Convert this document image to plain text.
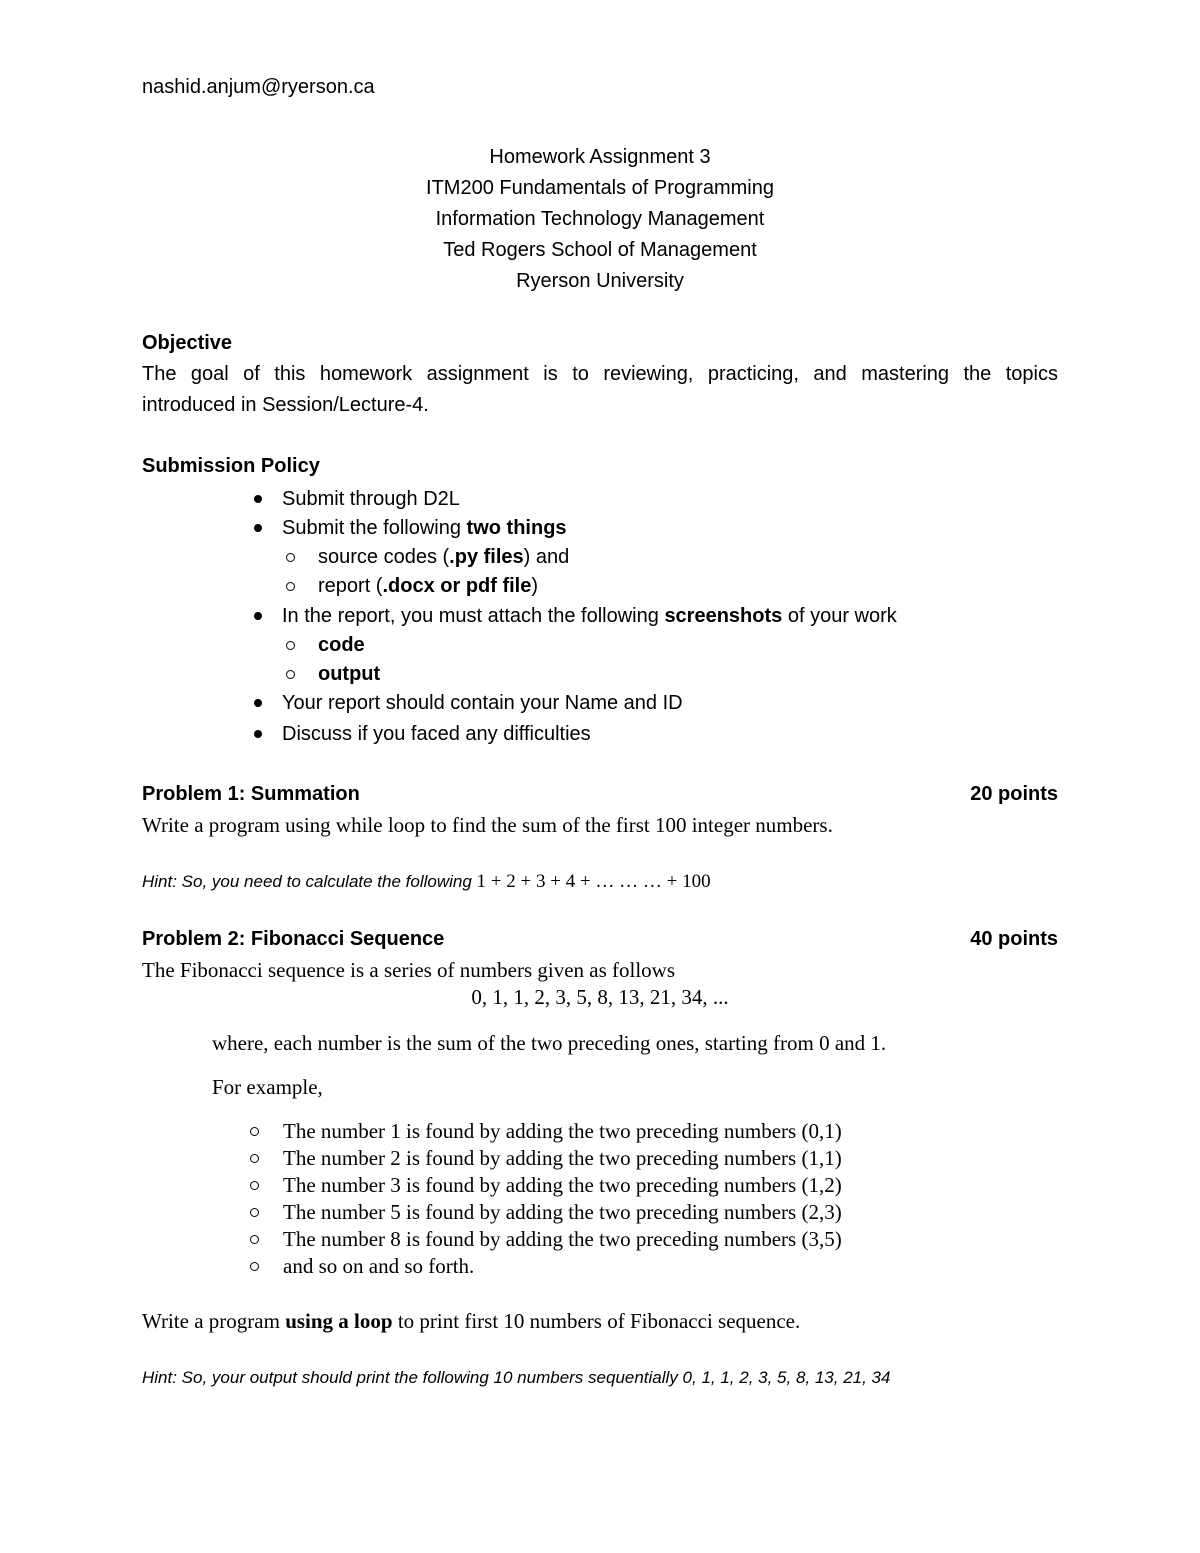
nashid.anjum@ryerson.ca
Homework Assignment 3
ITM200 Fundamentals of Programming
Information Technology Management
Ted Rogers School of Management
Ryerson University
Objective
The goal of this homework assignment is to reviewing, practicing, and mastering the topics
introduced in Session/Lecture-4.
Submission Policy
Submit through D2L
Submit the following two things
source codes (.py files) and
report (.docx or pdf file)
In the report, you must attach the following screenshots of your work
code
output
Your report should contain your Name and ID
Discuss if you faced any difficulties
Problem 1: Summation	20 points
Write a program using while loop to find the sum of the first 100 integer numbers.
Hint: So, you need to calculate the following 1 + 2 + 3 + 4 + … … … + 100
Problem 2: Fibonacci Sequence	40 points
The Fibonacci sequence is a series of numbers given as follows
0, 1, 1, 2, 3, 5, 8, 13, 21, 34, ...
where, each number is the sum of the two preceding ones, starting from 0 and 1.
For example,
The number 1 is found by adding the two preceding numbers (0,1)
The number 2 is found by adding the two preceding numbers (1,1)
The number 3 is found by adding the two preceding numbers (1,2)
The number 5 is found by adding the two preceding numbers (2,3)
The number 8 is found by adding the two preceding numbers (3,5)
and so on and so forth.
Write a program using a loop to print first 10 numbers of Fibonacci sequence.
Hint: So, your output should print the following 10 numbers sequentially 0, 1, 1, 2, 3, 5, 8, 13, 21, 34
